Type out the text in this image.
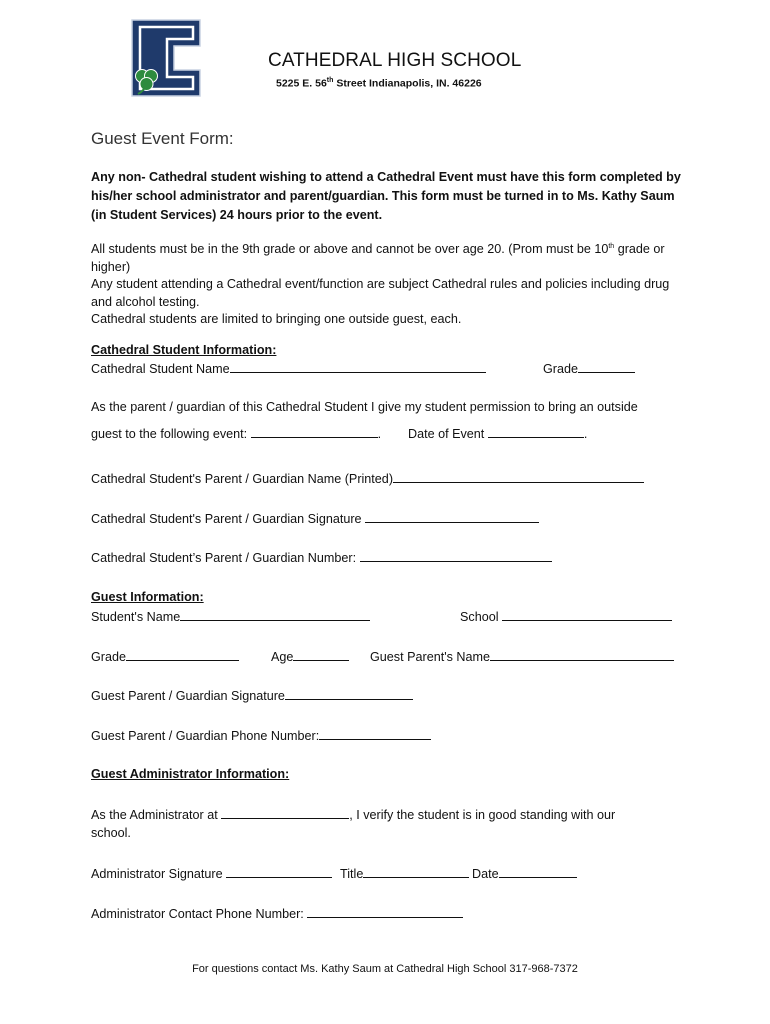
CATHEDRAL HIGH SCHOOL
5225 E. 56th Street Indianapolis, IN. 46226
Guest Event Form:
Any non- Cathedral student wishing to attend a Cathedral Event must have this form completed by his/her school administrator and parent/guardian. This form must be turned in to Ms. Kathy Saum (in Student Services) 24 hours prior to the event.
All students must be in the 9th grade or above and cannot be over age 20. (Prom must be 10th grade or higher)
Any student attending a Cathedral event/function are subject Cathedral rules and policies including drug and alcohol testing.
Cathedral students are limited to bringing one outside guest, each.
Cathedral Student Information:
Cathedral Student Name	Grade
As the parent / guardian of this Cathedral Student I give my student permission to bring an outside
guest to the following event:	. Date of Event	.
Cathedral Student's Parent / Guardian Name (Printed)
Cathedral Student's Parent / Guardian Signature
Cathedral Student’s Parent / Guardian Number:
Guest Information:
Student's Name	School
Grade	Age	Guest Parent's Name
Guest Parent / Guardian Signature
Guest Parent / Guardian Phone Number:
Guest Administrator Information:
As the Administrator at	, I verify the student is in good standing with our
school.
Administrator Signature	Title	Date
Administrator Contact Phone Number:
For questions contact Ms. Kathy Saum at Cathedral High School 317-968-7372
